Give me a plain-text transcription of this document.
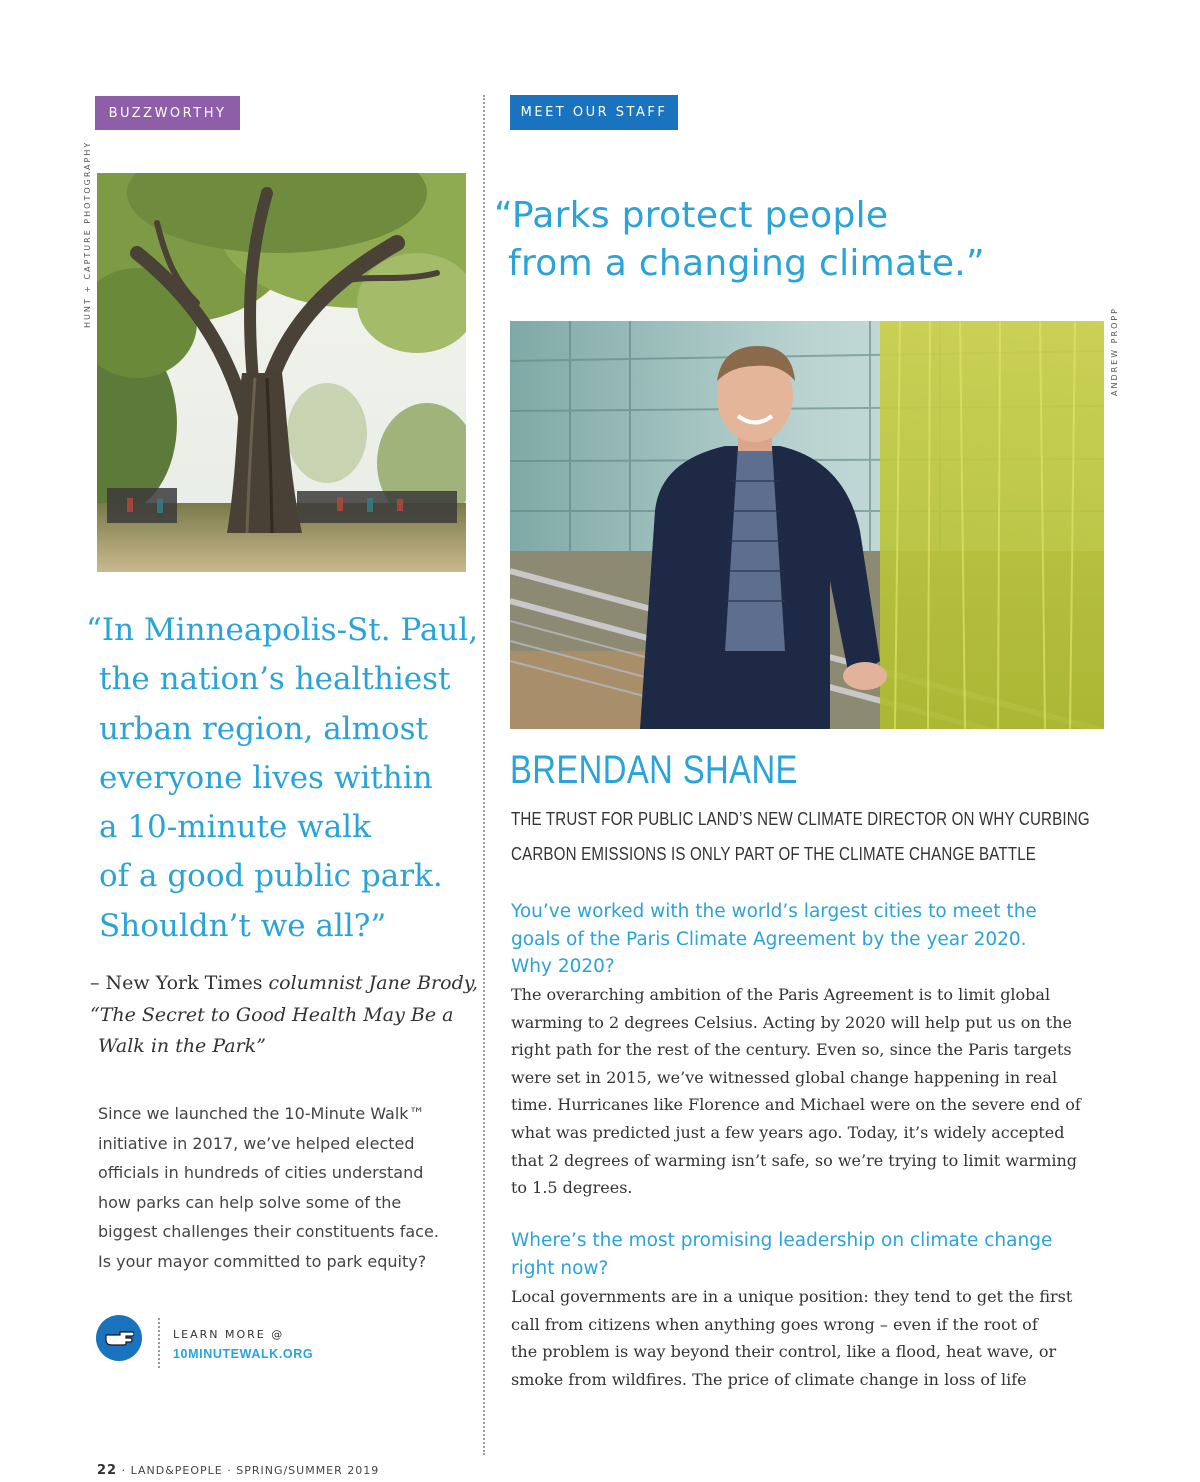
BUZZWORTHY
HUNT + CAPTURE PHOTOGRAPHY
“In Minneapolis-St. Paul,
the nation’s healthiest
urban region, almost
everyone lives within
a 10-minute walk
of a good public park.
Shouldn’t we all?”
– New York Times columnist Jane Brody,
“The Secret to Good Health May Be a
Walk in the Park”
Since we launched the 10-Minute Walk™
initiative in 2017, we’ve helped elected
officials in hundreds of cities understand
how parks can help solve some of the
biggest challenges their constituents face.
Is your mayor committed to park equity?
LEARN MORE @
10MINUTEWALK.ORG
MEET OUR STAFF
“Parks protect people
from a changing climate.”
ANDREW PROPP
BRENDAN SHANE
THE TRUST FOR PUBLIC LAND’S NEW CLIMATE DIRECTOR ON WHY CURBING
CARBON EMISSIONS IS ONLY PART OF THE CLIMATE CHANGE BATTLE
You’ve worked with the world’s largest cities to meet the
goals of the Paris Climate Agreement by the year 2020.
Why 2020?
The overarching ambition of the Paris Agreement is to limit global
warming to 2 degrees Celsius. Acting by 2020 will help put us on the
right path for the rest of the century. Even so, since the Paris targets
were set in 2015, we’ve witnessed global change happening in real
time. Hurricanes like Florence and Michael were on the severe end of
what was predicted just a few years ago. Today, it’s widely accepted
that 2 degrees of warming isn’t safe, so we’re trying to limit warming
to 1.5 degrees.
Where’s the most promising leadership on climate change
right now?
Local governments are in a unique position: they tend to get the first
call from citizens when anything goes wrong – even if the root of
the problem is way beyond their control, like a flood, heat wave, or
smoke from wildfires. The price of climate change in loss of life
22 · LAND&PEOPLE · SPRING/SUMMER 2019
